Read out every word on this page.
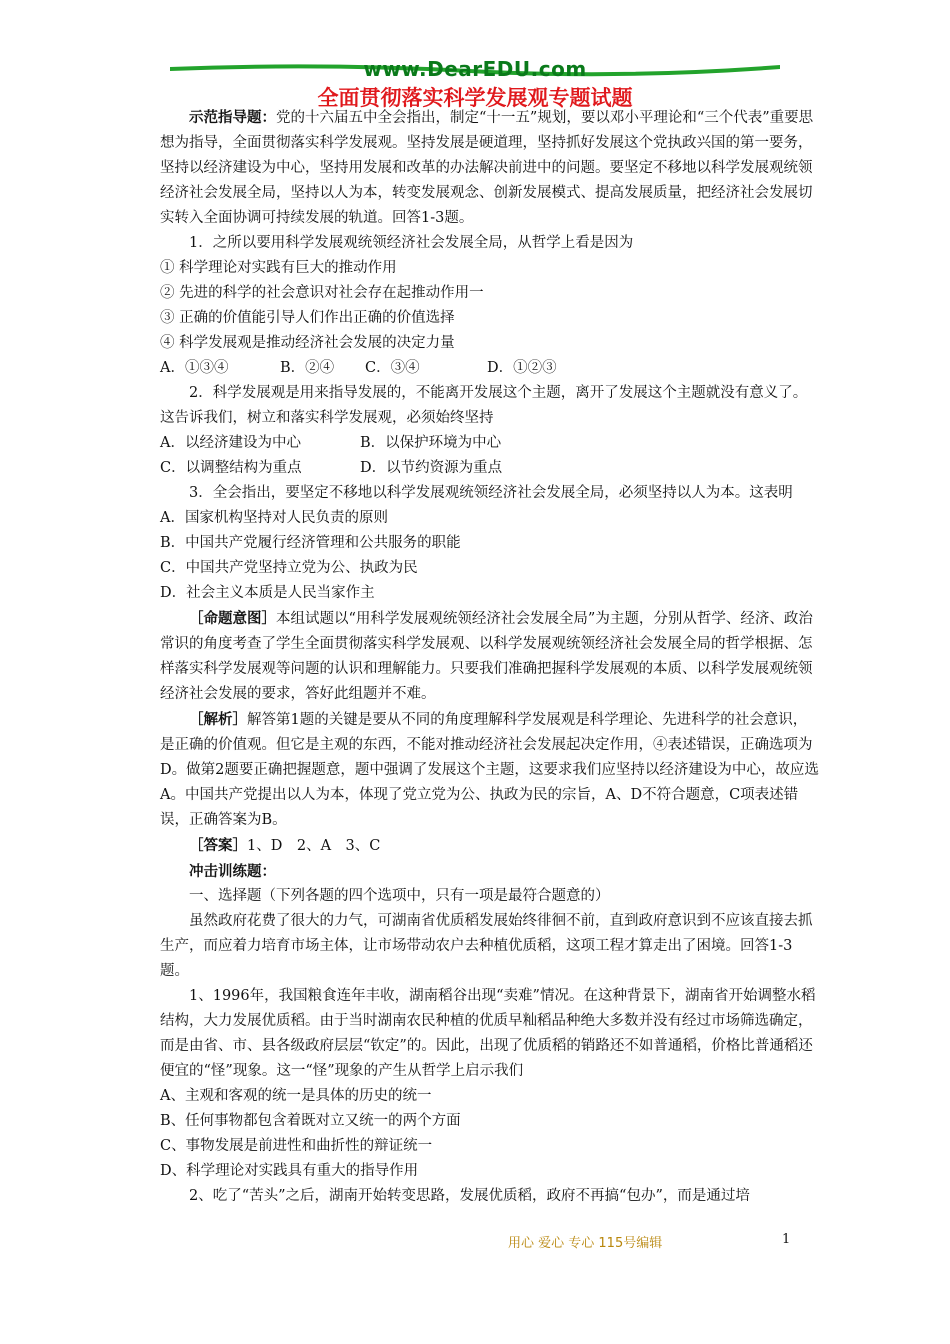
www.DearEDU.com
全面贯彻落实科学发展观专题试题

示范指导题：党的十六届五中全会指出，制定“十一五”规划，要以邓小平理论和“三个代表”重要思想为指导，全面贯彻落实科学发展观。坚持发展是硬道理，坚持抓好发展这个党执政兴国的第一要务，坚持以经济建设为中心，坚持用发展和改革的办法解决前进中的问题。要坚定不移地以科学发展观统领经济社会发展全局，坚持以人为本，转变发展观念、创新发展模式、提高发展质量，把经济社会发展切实转入全面协调可持续发展的轨道。回答1-3题。

1．之所以要用科学发展观统领经济社会发展全局，从哲学上看是因为

① 科学理论对实践有巨大的推动作用

② 先进的科学的社会意识对社会存在起推动作用一

③ 正确的价值能引导人们作出正确的价值选择

④ 科学发展观是推动经济社会发展的决定力量

A．①③④	B．②④	C．③④	D．①②③

2．科学发展观是用来指导发展的，不能离开发展这个主题，离开了发展这个主题就没有意义了。这告诉我们，树立和落实科学发展观，必须始终坚持

A．以经济建设为中心	B．以保护环境为中心
C．以调整结构为重点	D．以节约资源为重点

3．全会指出，要坚定不移地以科学发展观统领经济社会发展全局，必须坚持以人为本。这表明

A．国家机构坚持对人民负责的原则

B．中国共产党履行经济管理和公共服务的职能

C．中国共产党坚持立党为公、执政为民

D．社会主义本质是人民当家作主

［命题意图］本组试题以“用科学发展观统领经济社会发展全局”为主题，分别从哲学、经济、政治常识的角度考查了学生全面贯彻落实科学发展观、以科学发展观统领经济社会发展全局的哲学根据、怎样落实科学发展观等问题的认识和理解能力。只要我们准确把握科学发展观的本质、以科学发展观统领经济社会发展的要求，答好此组题并不难。

［解析］解答第1题的关键是要从不同的角度理解科学发展观是科学理论、先进科学的社会意识，是正确的价值观。但它是主观的东西，不能对推动经济社会发展起决定作用，④表述错误，正确选项为D。做第2题要正确把握题意，题中强调了发展这个主题，这要求我们应坚持以经济建设为中心，故应选A。中国共产党提出以人为本，体现了党立党为公、执政为民的宗旨，A、D不符合题意，C项表述错误，正确答案为B。

［答案］1、D　2、A　3、C

冲击训练题：

一、选择题（下列各题的四个选项中，只有一项是最符合题意的）

虽然政府花费了很大的力气，可湖南省优质稻发展始终徘徊不前，直到政府意识到不应该直接去抓生产，而应着力培育市场主体，让市场带动农户去种植优质稻，这项工程才算走出了困境。回答1-3题。

1、1996年，我国粮食连年丰收，湖南稻谷出现“卖难”情况。在这种背景下，湖南省开始调整水稻结构，大力发展优质稻。由于当时湖南农民种植的优质早籼稻品种绝大多数并没有经过市场筛选确定，而是由省、市、县各级政府层层“钦定”的。因此，出现了优质稻的销路还不如普通稻，价格比普通稻还便宜的“怪”现象。这一“怪”现象的产生从哲学上启示我们

A、主观和客观的统一是具体的历史的统一

B、任何事物都包含着既对立又统一的两个方面

C、事物发展是前进性和曲折性的辩证统一

D、科学理论对实践具有重大的指导作用

2、吃了“苦头”之后，湖南开始转变思路，发展优质稻，政府不再搞“包办”，而是通过培

用心 爱心 专心 115号编辑	1
